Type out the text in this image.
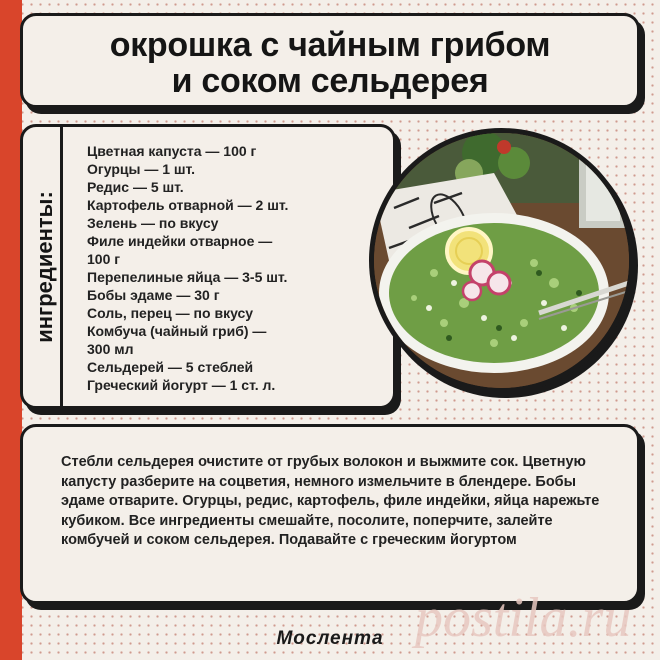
окрошка с чайным грибом
и соком сельдерея
ингредиенты:
Цветная капуста — 100 г
Огурцы — 1 шт.
Редис — 5 шт.
Картофель отварной — 2 шт.
Зелень — по вкусу
Филе индейки отварное —
100 г
Перепелиные яйца — 3-5 шт.
Бобы эдаме — 30 г
Соль, перец — по вкусу
Комбуча (чайный гриб) —
300 мл
Сельдерей — 5 стеблей
Греческий йогурт — 1 ст. л.

Стебли сельдерея очистите от грубых волокон и выжмите сок. Цветную капусту разберите на соцветия, немного измельчите в блендере. Бобы эдаме отварите. Огурцы, редис, картофель, филе индейки, яйца нарежьте кубиком. Все ингредиенты смешайте, посолите, поперчите, залейте комбучей и соком сельдерея. Подавайте с греческим йогуртом

postila.ru
Мослента
